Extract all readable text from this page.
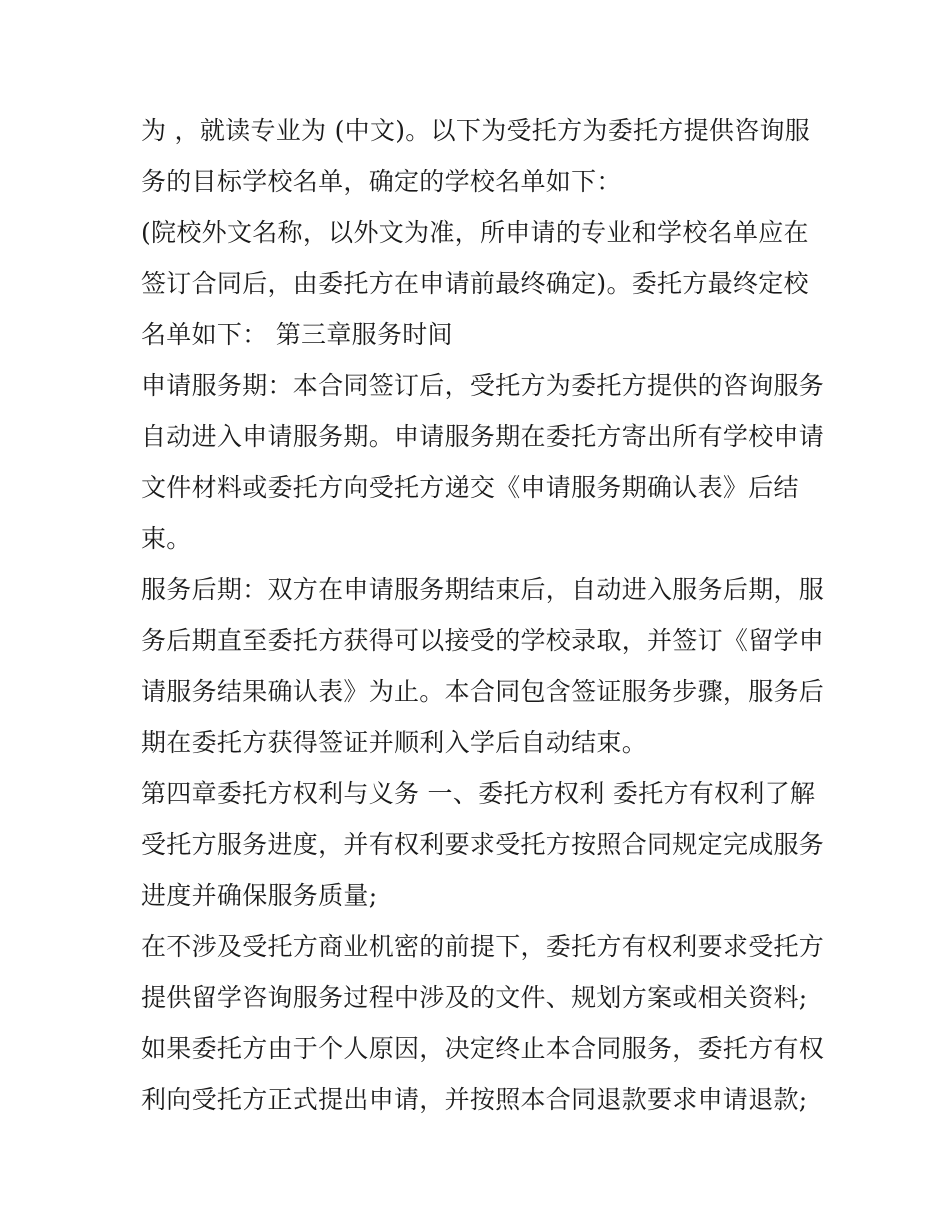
为 ，就读专业为 (中文)。以下为受托方为委托方提供咨询服
务的目标学校名单，确定的学校名单如下：
(院校外文名称，以外文为准，所申请的专业和学校名单应在
签订合同后，由委托方在申请前最终确定)。委托方最终定校
名单如下： 第三章服务时间
申请服务期：本合同签订后，受托方为委托方提供的咨询服务
自动进入申请服务期。申请服务期在委托方寄出所有学校申请
文件材料或委托方向受托方递交《申请服务期确认表》后结
束。
服务后期：双方在申请服务期结束后，自动进入服务后期，服
务后期直至委托方获得可以接受的学校录取，并签订《留学申
请服务结果确认表》为止。本合同包含签证服务步骤，服务后
期在委托方获得签证并顺利入学后自动结束。
第四章委托方权利与义务 一、委托方权利 委托方有权利了解
受托方服务进度，并有权利要求受托方按照合同规定完成服务
进度并确保服务质量;
在不涉及受托方商业机密的前提下，委托方有权利要求受托方
提供留学咨询服务过程中涉及的文件、规划方案或相关资料;
如果委托方由于个人原因，决定终止本合同服务，委托方有权
利向受托方正式提出申请，并按照本合同退款要求申请退款;
